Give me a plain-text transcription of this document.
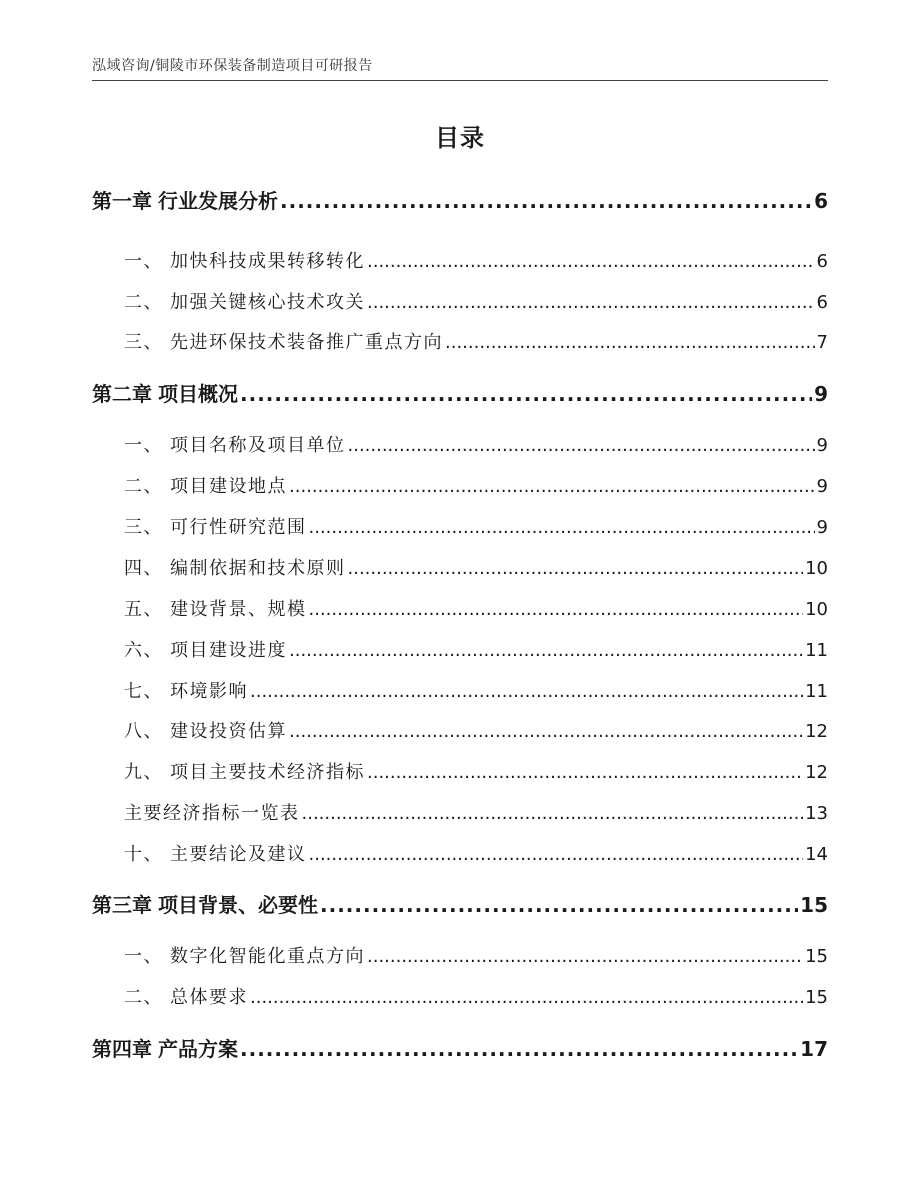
泓域咨询/铜陵市环保装备制造项目可研报告
目录
第一章 行业发展分析 .....	6
一、 加快科技成果转移转化 .....	6
二、 加强关键核心技术攻关 .....	6
三、 先进环保技术装备推广重点方向 .....	7
第二章 项目概况 .....	9
一、 项目名称及项目单位 .....	9
二、 项目建设地点 .....	9
三、 可行性研究范围 .....	9
四、 编制依据和技术原则 .....	10
五、 建设背景、规模 .....	10
六、 项目建设进度 .....	11
七、 环境影响 .....	11
八、 建设投资估算 .....	12
九、 项目主要技术经济指标 .....	12
主要经济指标一览表 .....	13
十、 主要结论及建议 .....	14
第三章 项目背景、必要性 .....	15
一、 数字化智能化重点方向 .....	15
二、 总体要求 .....	15
第四章 产品方案 .....	17
